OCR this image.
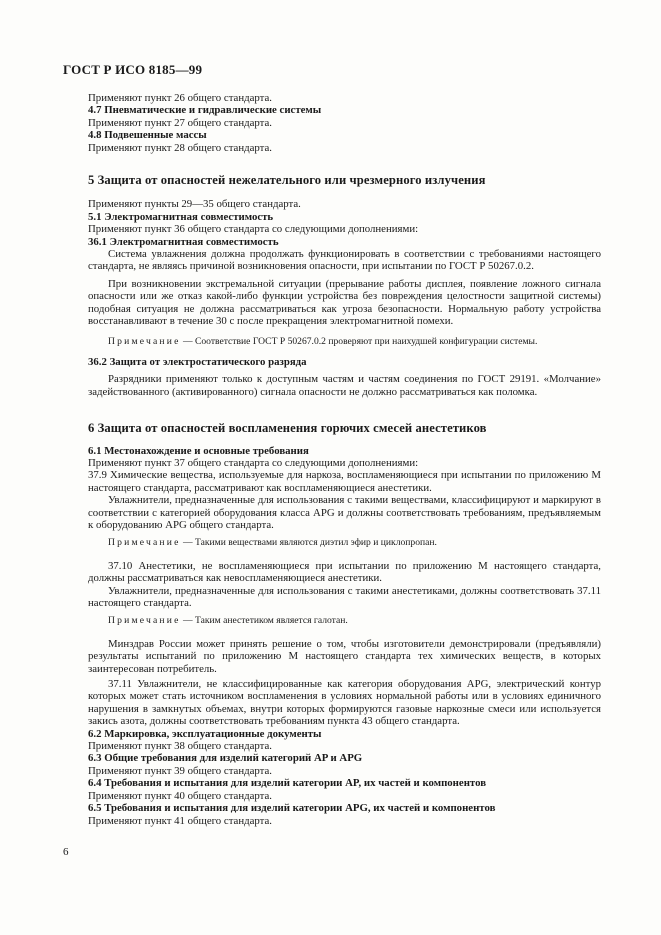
ГОСТ Р ИСО 8185—99

Применяют пункт 26 общего стандарта.

4.7 Пневматические и гидравлические системы

Применяют пункт 27 общего стандарта.

4.8 Подвешенные массы

Применяют пункт 28 общего стандарта.

5 Защита от опасностей нежелательного или чрезмерного излучения

Применяют пункты 29—35 общего стандарта.

5.1 Электромагнитная совместимость

Применяют пункт 36 общего стандарта со следующими дополнениями:

36.1 Электромагнитная совместимость

Система увлажнения должна продолжать функционировать в соответствии с требованиями настоящего стандарта, не являясь причиной возникновения опасности, при испытании по ГОСТ Р 50267.0.2.

При возникновении экстремальной ситуации (прерывание работы дисплея, появление ложного сигнала опасности или же отказ какой-либо функции устройства без повреждения целостности защитной системы) подобная ситуация не должна рассматриваться как угроза безопасности. Нормальную работу устройства восстанавливают в течение 30 с после прекращения электромагнитной помехи.

Примечание — Соответствие ГОСТ Р 50267.0.2 проверяют при наихудшей конфигурации системы.

36.2 Защита от электростатического разряда

Разрядники применяют только к доступным частям и частям соединения по ГОСТ 29191. «Молчание» задействованного (активированного) сигнала опасности не должно рассматриваться как поломка.

6 Защита от опасностей воспламенения горючих смесей анестетиков

6.1 Местонахождение и основные требования

Применяют пункт 37 общего стандарта со следующими дополнениями:

37.9 Химические вещества, используемые для наркоза, воспламеняющиеся при испытании по приложению М настоящего стандарта, рассматривают как воспламеняющиеся анестетики.

Увлажнители, предназначенные для использования с такими веществами, классифицируют и маркируют в соответствии с категорией оборудования класса APG и должны соответствовать требованиям, предъявляемым к оборудованию APG общего стандарта.

Примечание — Такими веществами являются диэтил эфир и циклопропан.

37.10 Анестетики, не воспламеняющиеся при испытании по приложению М настоящего стандарта, должны рассматриваться как невоспламеняющиеся анестетики.

Увлажнители, предназначенные для использования с такими анестетиками, должны соответствовать 37.11 настоящего стандарта.

Примечание — Таким анестетиком является галотан.

Минздрав России может принять решение о том, чтобы изготовители демонстрировали (предъявляли) результаты испытаний по приложению М настоящего стандарта тех химических веществ, в которых заинтересован потребитель.

37.11 Увлажнители, не классифицированные как категория оборудования APG, электрический контур которых может стать источником воспламенения в условиях нормальной работы или в условиях единичного нарушения в замкнутых объемах, внутри которых формируются газовые наркозные смеси или используется закись азота, должны соответствовать требованиям пункта 43 общего стандарта.

6.2 Маркировка, эксплуатационные документы

Применяют пункт 38 общего стандарта.

6.3 Общие требования для изделий категорий AP и APG

Применяют пункт 39 общего стандарта.

6.4 Требования и испытания для изделий категории AP, их частей и компонентов

Применяют пункт 40 общего стандарта.

6.5 Требования и испытания для изделий категории APG, их частей и компонентов

Применяют пункт 41 общего стандарта.

6
